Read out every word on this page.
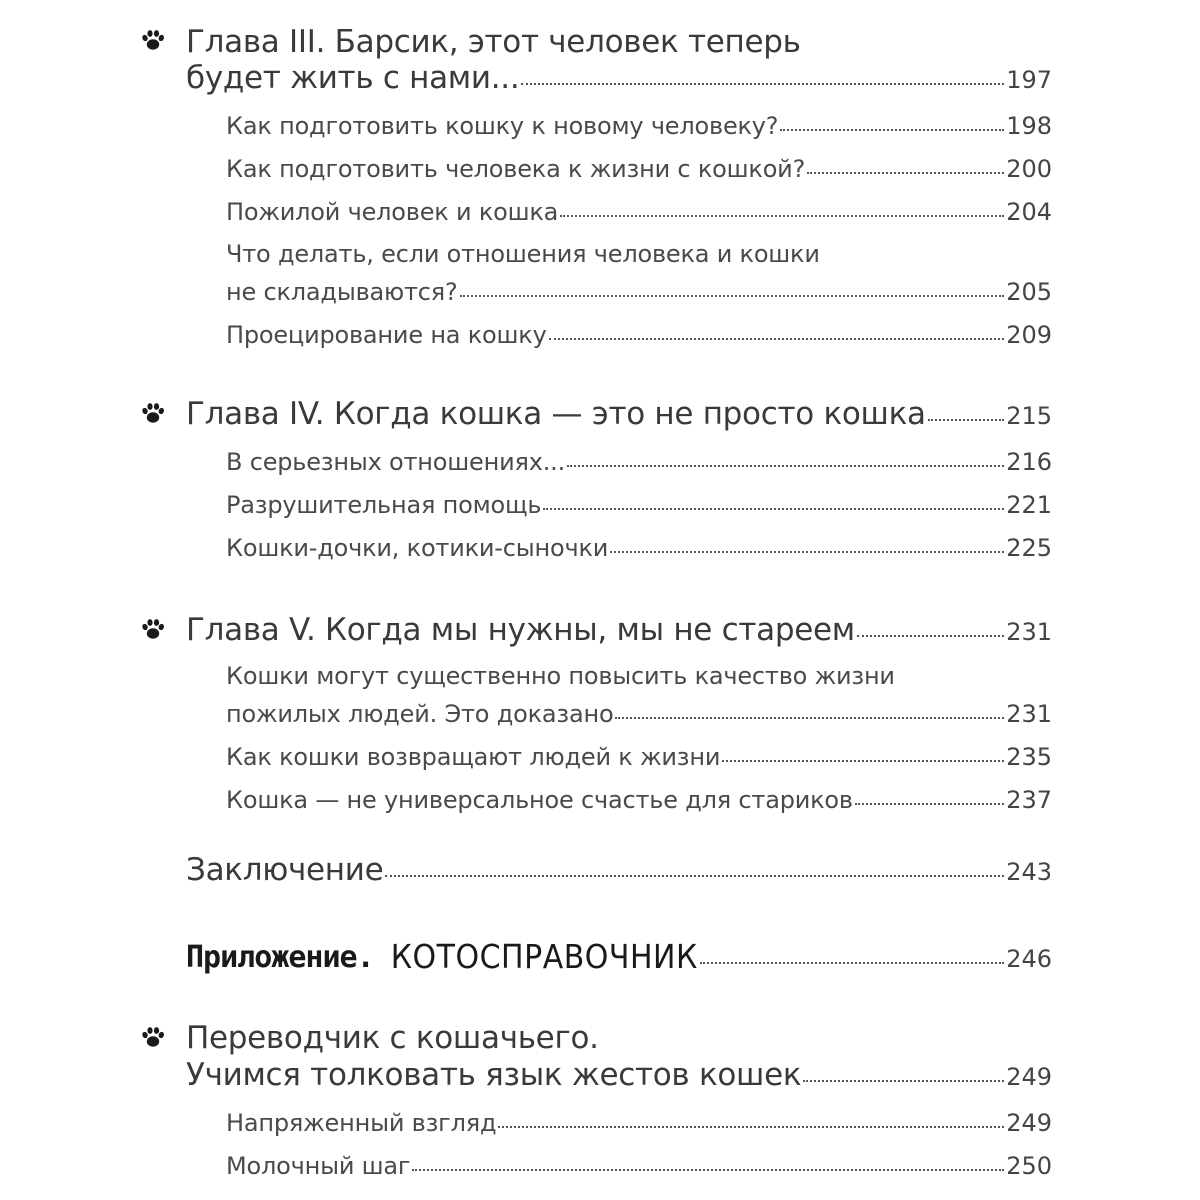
Глава III. Барсик, этот человек теперь
будет жить с нами...	197
Как подготовить кошку к новому человеку?	198
Как подготовить человека к жизни с кошкой?	200
Пожилой человек и кошка	204
Что делать, если отношения человека и кошки
не складываются?	205
Проецирование на кошку	209
Глава IV. Когда кошка — это не просто кошка	215
В серьезных отношениях...	216
Разрушительная помощь	221
Кошки-дочки, котики-сыночки	225
Глава V. Когда мы нужны, мы не стареем	231
Кошки могут существенно повысить качество жизни
пожилых людей. Это доказано	231
Как кошки возвращают людей к жизни	235
Кошка — не универсальное счастье для стариков	237
Заключение	243
Приложение. КОТОСПРАВОЧНИК	246
Переводчик с кошачьего.
Учимся толковать язык жестов кошек	249
Напряженный взгляд	249
Молочный шаг	250
